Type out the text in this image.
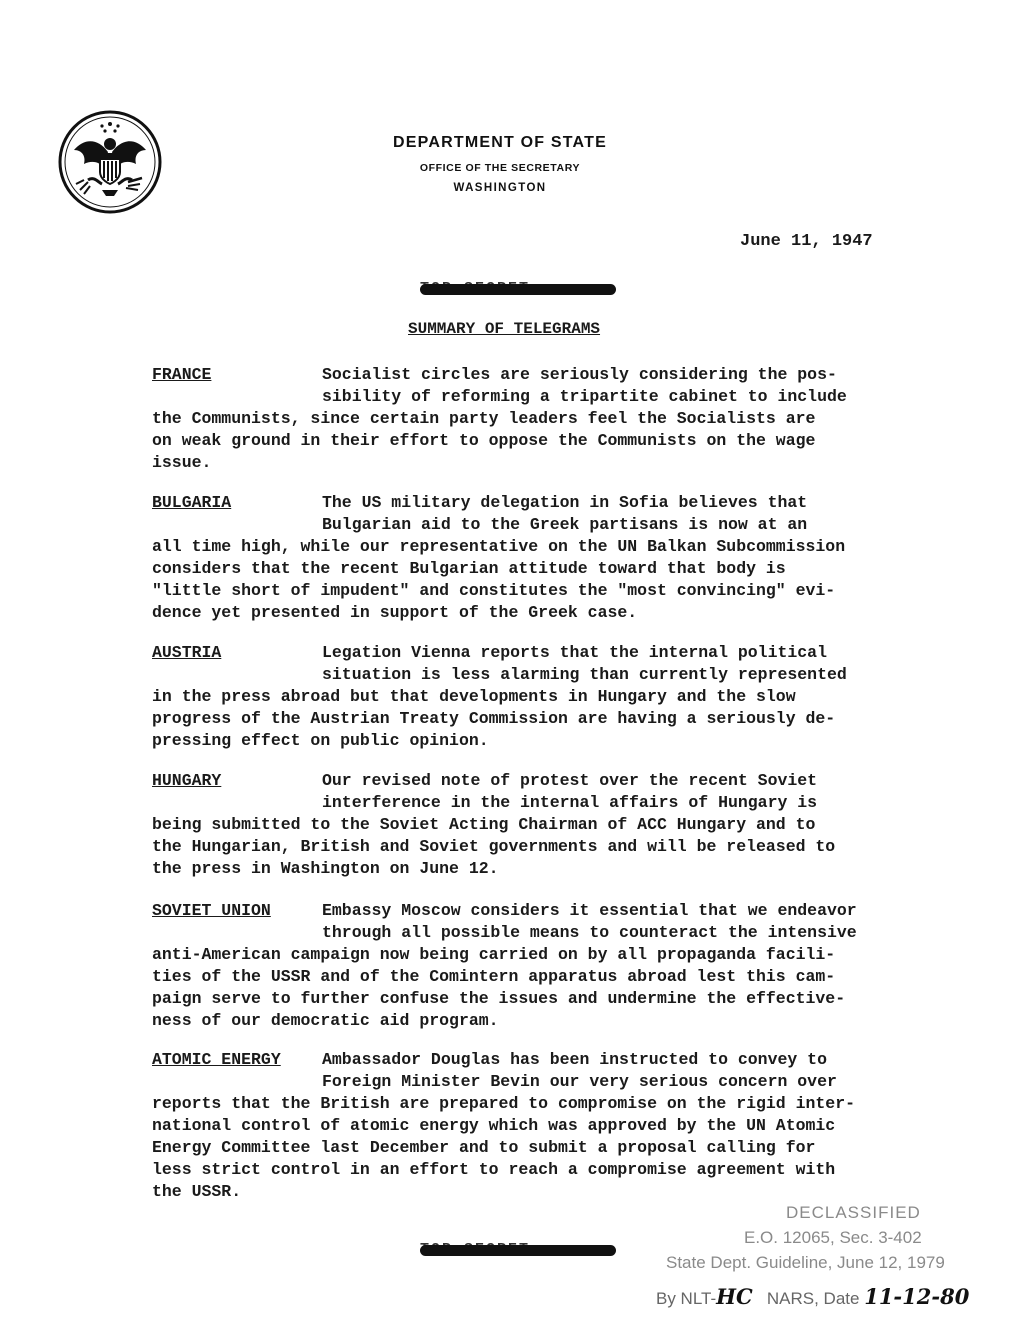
DEPARTMENT OF STATE
OFFICE OF THE SECRETARY
WASHINGTON
June 11, 1947
SUMMARY OF TELEGRAMS
FRANCE	Socialist circles are seriously considering the pos-
sibility of reforming a tripartite cabinet to include
the Communists, since certain party leaders feel the Socialists are
on weak ground in their effort to oppose the Communists on the wage
issue.
BULGARIA	The US military delegation in Sofia believes that
Bulgarian aid to the Greek partisans is now at an
all time high, while our representative on the UN Balkan Subcommission
considers that the recent Bulgarian attitude toward that body is
"little short of impudent" and constitutes the "most convincing" evi-
dence yet presented in support of the Greek case.
AUSTRIA	Legation Vienna reports that the internal political
situation is less alarming than currently represented
in the press abroad but that developments in Hungary and the slow
progress of the Austrian Treaty Commission are having a seriously de-
pressing effect on public opinion.
HUNGARY	Our revised note of protest over the recent Soviet
interference in the internal affairs of Hungary is
being submitted to the Soviet Acting Chairman of ACC Hungary and to
the Hungarian, British and Soviet governments and will be released to
the press in Washington on June 12.
SOVIET UNION	Embassy Moscow considers it essential that we endeavor
through all possible means to counteract the intensive
anti-American campaign now being carried on by all propaganda facili-
ties of the USSR and of the Comintern apparatus abroad lest this cam-
paign serve to further confuse the issues and undermine the effective-
ness of our democratic aid program.
ATOMIC ENERGY	Ambassador Douglas has been instructed to convey to
Foreign Minister Bevin our very serious concern over
reports that the British are prepared to compromise on the rigid inter-
national control of atomic energy which was approved by the UN Atomic
Energy Committee last December and to submit a proposal calling for
less strict control in an effort to reach a compromise agreement with
the USSR.
DECLASSIFIED
E.O. 12065, Sec. 3-402
State Dept. Guideline, June 12, 1979
By NLT-HC NARS, Date 11-12-80
